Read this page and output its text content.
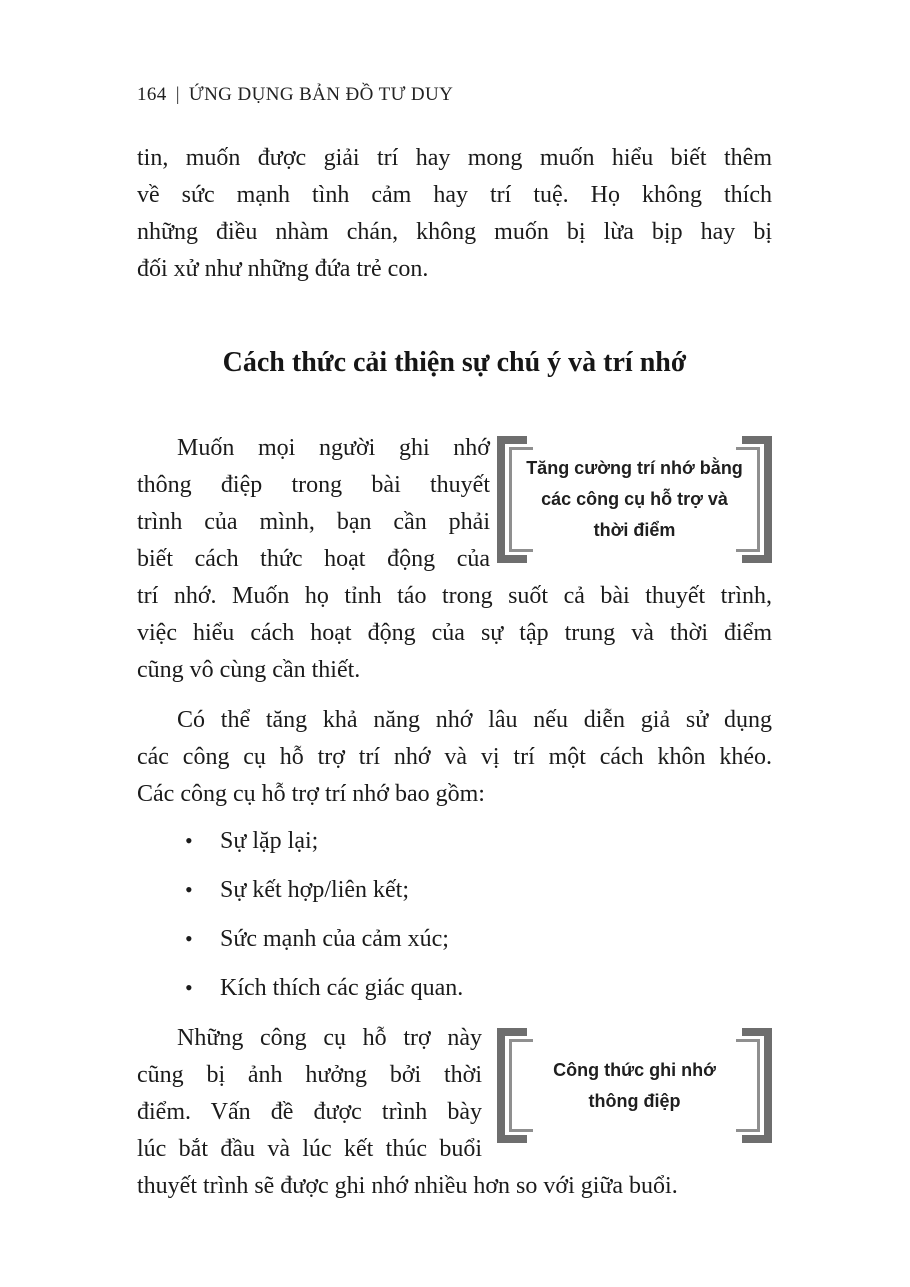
164 | ỨNG DỤNG BẢN ĐỒ TƯ DUY
tin, muốn được giải trí hay mong muốn hiểu biết thêm
về sức mạnh tình cảm hay trí tuệ. Họ không thích
những điều nhàm chán, không muốn bị lừa bịp hay bị
đối xử như những đứa trẻ con.
Cách thức cải thiện sự chú ý và trí nhớ
Tăng cường trí nhớ bằng
các công cụ hỗ trợ và
thời điểm
Muốn mọi người ghi nhớ
thông điệp trong bài thuyết
trình của mình, bạn cần phải
biết cách thức hoạt động của
trí nhớ. Muốn họ tỉnh táo trong suốt cả bài thuyết trình,
việc hiểu cách hoạt động của sự tập trung và thời điểm
cũng vô cùng cần thiết.
Có thể tăng khả năng nhớ lâu nếu diễn giả sử dụng
các công cụ hỗ trợ trí nhớ và vị trí một cách khôn khéo.
Các công cụ hỗ trợ trí nhớ bao gồm:
• Sự lặp lại;
• Sự kết hợp/liên kết;
• Sức mạnh của cảm xúc;
• Kích thích các giác quan.
Công thức ghi nhớ
thông điệp
Những công cụ hỗ trợ này
cũng bị ảnh hưởng bởi thời
điểm. Vấn đề được trình bày
lúc bắt đầu và lúc kết thúc buổi
thuyết trình sẽ được ghi nhớ nhiều hơn so với giữa buổi.
